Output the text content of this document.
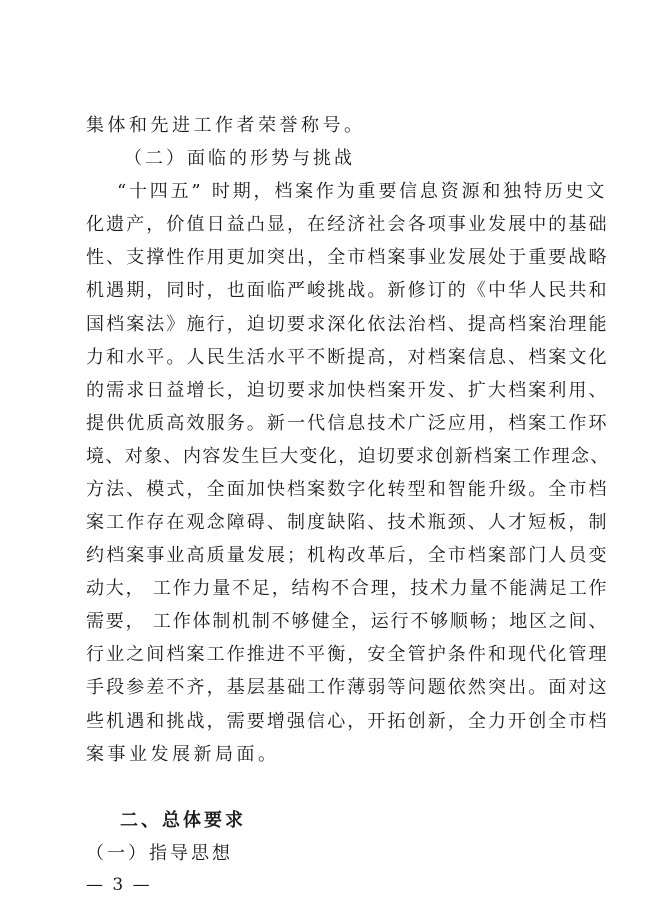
集体和先进工作者荣誉称号。
（二）面临的形势与挑战
“十四五” 时期，档案作为重要信息资源和独特历史文
化遗产，价值日益凸显，在经济社会各项事业发展中的基础
性、支撑性作用更加突出，全市档案事业发展处于重要战略
机遇期，同时，也面临严峻挑战。新修订的《中华人民共和
国档案法》施行，迫切要求深化依法治档、提高档案治理能
力和水平。人民生活水平不断提高，对档案信息、档案文化
的需求日益增长，迫切要求加快档案开发、扩大档案利用、
提供优质高效服务。新一代信息技术广泛应用，档案工作环
境、对象、内容发生巨大变化，迫切要求创新档案工作理念、
方法、模式，全面加快档案数字化转型和智能升级。全市档
案工作存在观念障碍、制度缺陷、技术瓶颈、人才短板，制
约档案事业高质量发展；机构改革后，全市档案部门人员变
动大， 工作力量不足，结构不合理，技术力量不能满足工作
需要， 工作体制机制不够健全，运行不够顺畅；地区之间、
行业之间档案工作推进不平衡，安全管护条件和现代化管理
手段参差不齐，基层基础工作薄弱等问题依然突出。面对这
些机遇和挑战，需要增强信心，开拓创新，全力开创全市档
案事业发展新局面。
二、总体要求
（一）指导思想
— 3 —
